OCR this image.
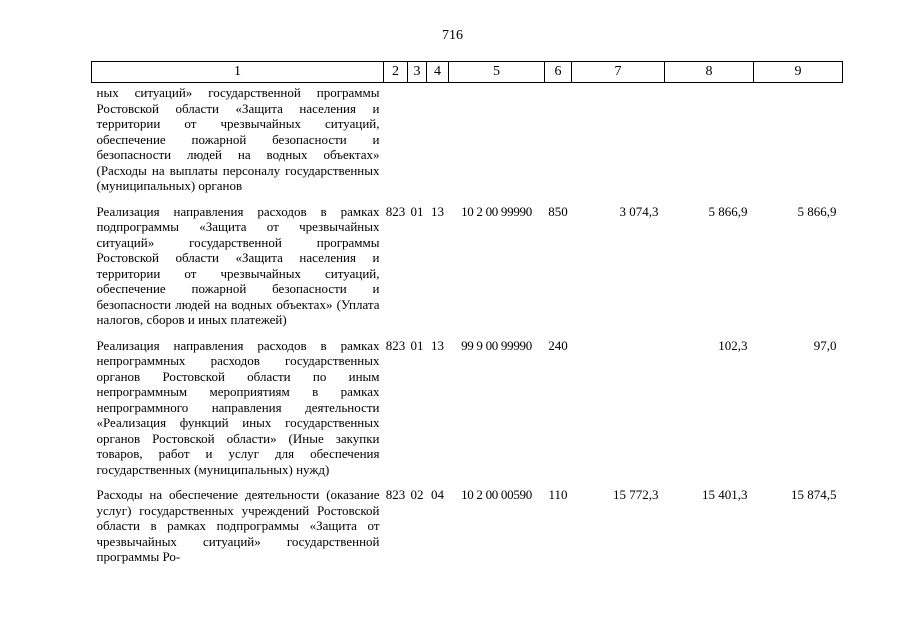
716
1	2	3	4	5	6	7	8	9
ных ситуаций» государственной программы Ростовской области «Защита населения и территории от чрезвычайных ситуаций, обеспечение пожарной безопасности и безопасности людей на водных объектах» (Расходы на выплаты персоналу государственных (муниципальных) органов								
Реализация направления расходов в рамках подпрограммы «Защита от чрезвычайных ситуаций» государственной программы Ростовской области «Защита населения и территории от чрезвычайных ситуаций, обеспечение пожарной безопасности и безопасности людей на водных объектах» (Уплата налогов, сборов и иных платежей)	823	01	13	10 2 00 99990	850	3 074,3	5 866,9	5 866,9
Реализация направления расходов в рамках непрограммных расходов государственных органов Ростовской области по иным непрограммным мероприятиям в рамках непрограммного направления деятельности «Реализация функций иных государственных органов Ростовской области» (Иные закупки товаров, работ и услуг для обеспечения государственных (муниципальных) нужд)	823	01	13	99 9 00 99990	240		102,3	97,0
Расходы на обеспечение деятельности (оказание услуг) государственных учреждений Ростовской области в рамках подпрограммы «Защита от чрезвычайных ситуаций» государственной программы Ро-	823	02	04	10 2 00 00590	110	15 772,3	15 401,3	15 874,5
